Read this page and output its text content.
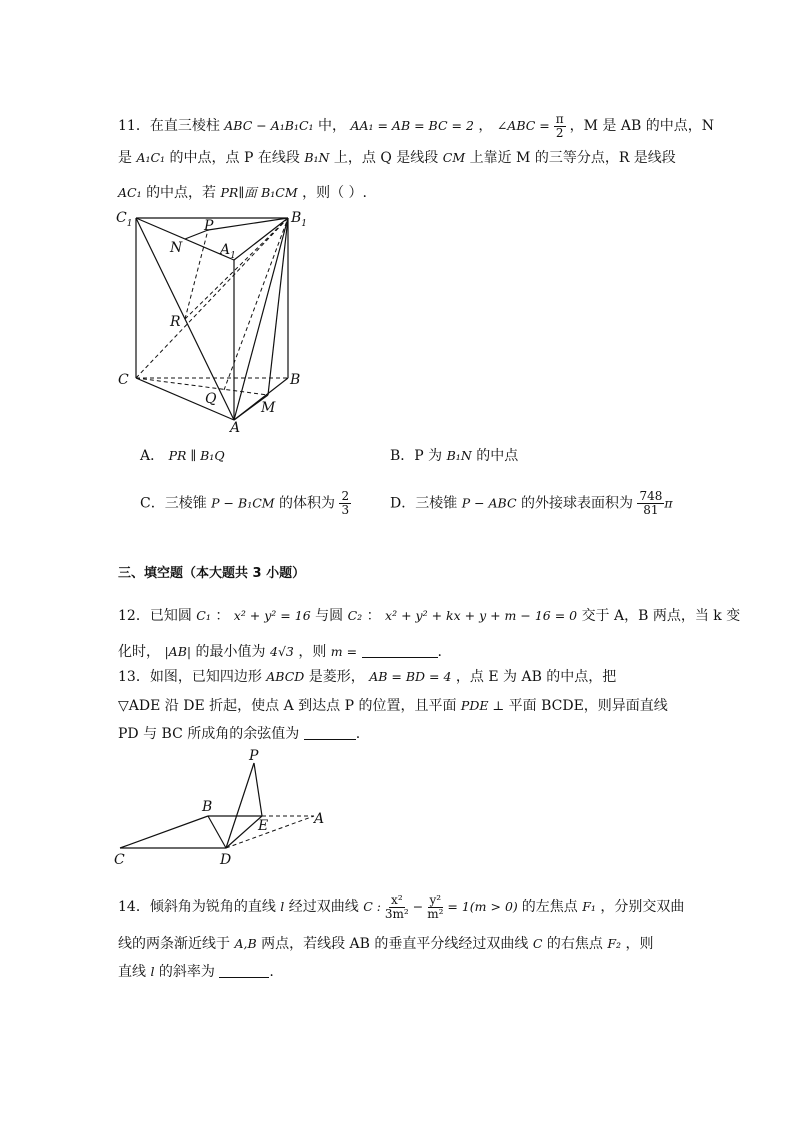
11．在直三棱柱 ABC − A₁B₁C₁ 中， AA₁ = AB = BC = 2 ， ∠ABC = $\frac{\pi}{2}$ ，M 是 AB 的中点，N
是 A₁C₁ 的中点，点 P 在线段 B₁N 上，点 Q 是线段 CM 上靠近 M 的三等分点，R 是线段
AC₁ 的中点，若 PR∥面 B₁CM ，则（ ）.
$C_1$	$B_1$
P
N	$A_1$
R
C	B
Q
M
A
A． PR ∥ B₁Q	B．P 为 B₁N 的中点
C．三棱锥 P − B₁CM 的体积为 $\frac{2}{3}$	D．三棱锥 P − ABC 的外接球表面积为 $\frac{748}{81}$ π
三、填空题（本大题共 3 小题）
12．已知圆 C₁ ： x² + y² = 16 与圆 C₂ ： x² + y² + kx + y + m − 16 = 0 交于 A，B 两点，当 k 变
化时， |AB| 的最小值为 4√3 ，则 m =	.
13．如图，已知四边形 ABCD 是菱形， AB = BD = 4 ，点 E 为 AB 的中点，把
▽ADE 沿 DE 折起，使点 A 到达点 P 的位置，且平面 PDE ⊥ 平面 BCDE，则异面直线
PD 与 BC 所成角的余弦值为	.
P
B
E	A
C	D
14．倾斜角为锐角的直线 l 经过双曲线 C : $\frac{\text{x²}}{\text{3m²}} - \frac{\text{y²}}{\text{m²}} = 1(m > 0)$ 的左焦点 F₁ ，分别交双曲
线的两条渐近线于 A,B 两点，若线段 AB 的垂直平分线经过双曲线 C 的右焦点 F₂ ，则
直线 l 的斜率为	.
